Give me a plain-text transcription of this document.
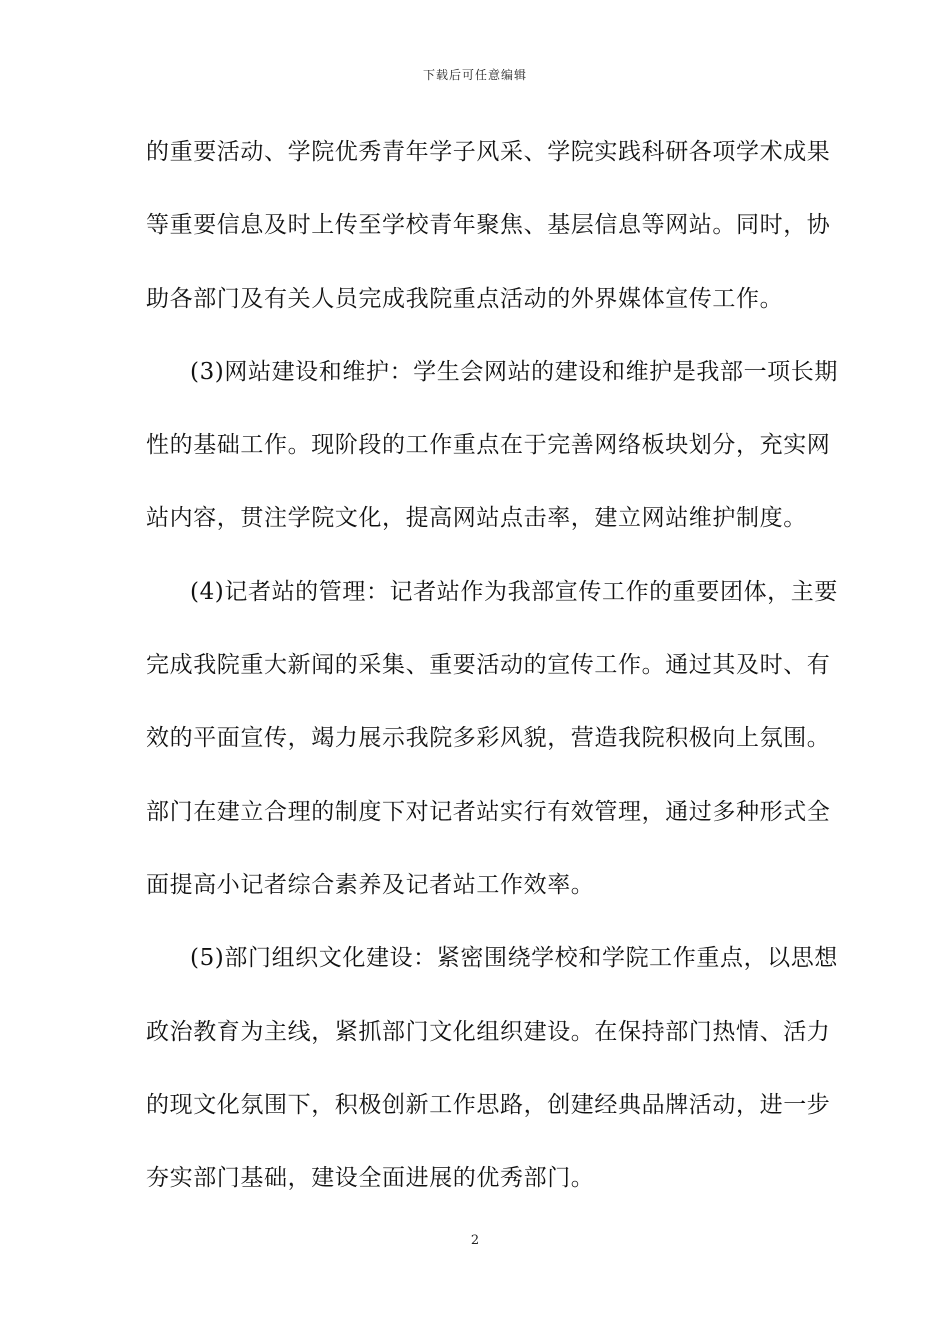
下载后可任意编辑
的重要活动、学院优秀青年学子风采、学院实践科研各项学术成果
等重要信息及时上传至学校青年聚焦、基层信息等网站。同时，协
助各部门及有关人员完成我院重点活动的外界媒体宣传工作。
(3)网站建设和维护：学生会网站的建设和维护是我部一项长期
性的基础工作。现阶段的工作重点在于完善网络板块划分，充实网
站内容，贯注学院文化，提高网站点击率，建立网站维护制度。
(4)记者站的管理：记者站作为我部宣传工作的重要团体，主要
完成我院重大新闻的采集、重要活动的宣传工作。通过其及时、有
效的平面宣传，竭力展示我院多彩风貌，营造我院积极向上氛围。
部门在建立合理的制度下对记者站实行有效管理，通过多种形式全
面提高小记者综合素养及记者站工作效率。
(5)部门组织文化建设：紧密围绕学校和学院工作重点，以思想
政治教育为主线，紧抓部门文化组织建设。在保持部门热情、活力
的现文化氛围下，积极创新工作思路，创建经典品牌活动，进一步
夯实部门基础，建设全面进展的优秀部门。
2
